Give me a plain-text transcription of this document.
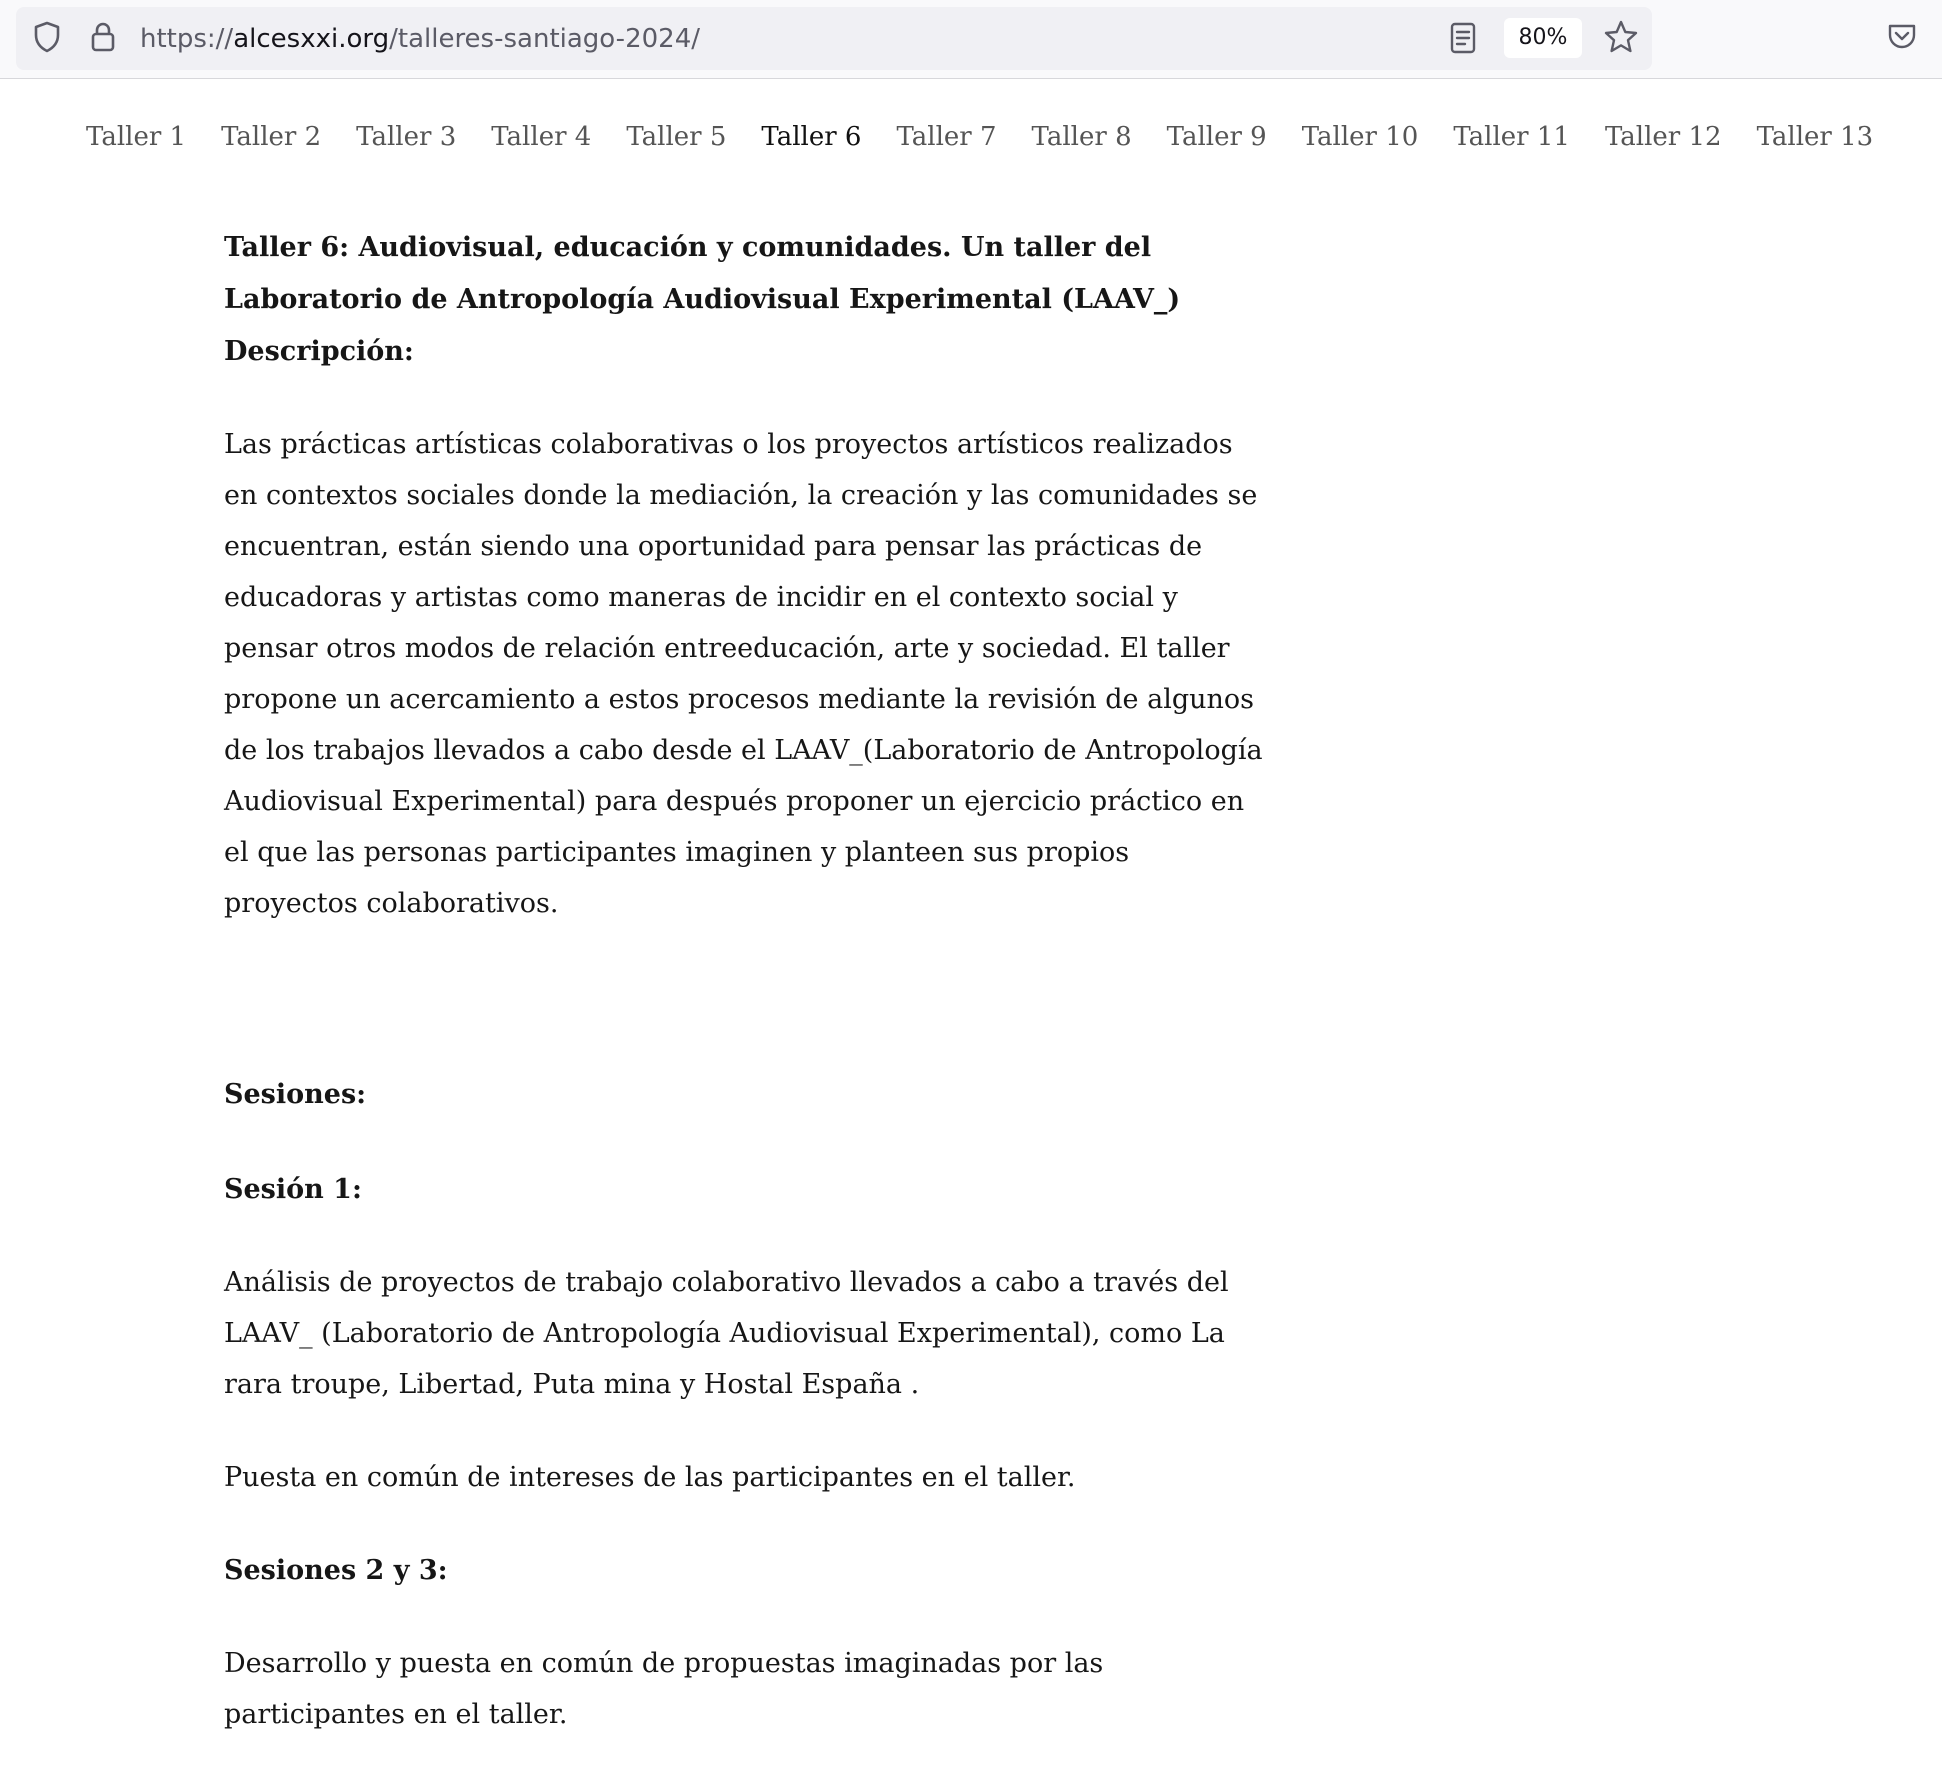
https://alcesxxi.org/talleres-santiago-2024/	80%
Taller 1 Taller 2 Taller 3 Taller 4 Taller 5 Taller 6 Taller 7 Taller 8 Taller 9 Taller 10 Taller 11 Taller 12 Taller 13

Taller 6: Audiovisual, educación y comunidades. Un taller del Laboratorio de Antropología Audiovisual Experimental (LAAV_)

Descripción:

Las prácticas artísticas colaborativas o los proyectos artísticos realizados en contextos sociales donde la mediación, la creación y las comunidades se encuentran, están siendo una oportunidad para pensar las prácticas de educadoras y artistas como maneras de incidir en el contexto social y pensar otros modos de relación entreeducación, arte y sociedad. El taller propone un acercamiento a estos procesos mediante la revisión de algunos de los trabajos llevados a cabo desde el LAAV_(Laboratorio de Antropología Audiovisual Experimental) para después proponer un ejercicio práctico en el que las personas participantes imaginen y planteen sus propios proyectos colaborativos.

Sesiones:

Sesión 1:

Análisis de proyectos de trabajo colaborativo llevados a cabo a través del LAAV_ (Laboratorio de Antropología Audiovisual Experimental), como La rara troupe, Libertad, Puta mina y Hostal España .

Puesta en común de intereses de las participantes en el taller.

Sesiones 2 y 3:

Desarrollo y puesta en común de propuestas imaginadas por las participantes en el taller.
